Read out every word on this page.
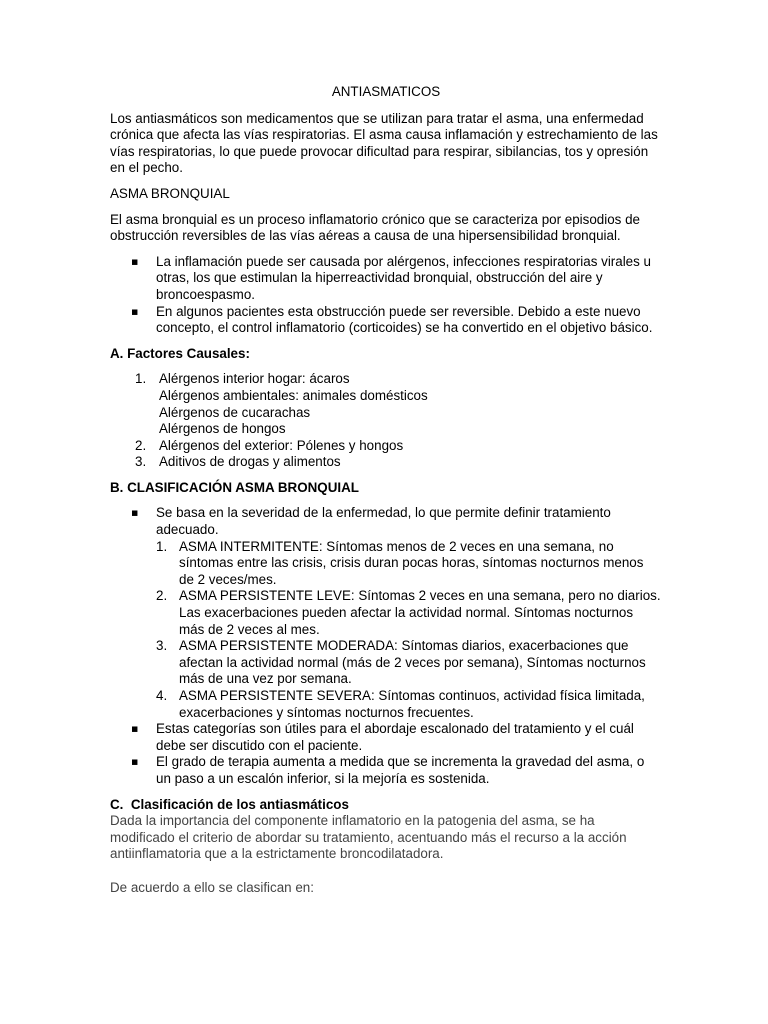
ANTIASMATICOS

Los antiasmáticos son medicamentos que se utilizan para tratar el asma, una enfermedad crónica que afecta las vías respiratorias. El asma causa inflamación y estrechamiento de las vías respiratorias, lo que puede provocar dificultad para respirar, sibilancias, tos y opresión en el pecho.

ASMA BRONQUIAL

El asma bronquial es un proceso inflamatorio crónico que se caracteriza por episodios de obstrucción reversibles de las vías aéreas a causa de una hipersensibilidad bronquial.

▪ La inflamación puede ser causada por alérgenos, infecciones respiratorias virales u otras, los que estimulan la hiperreactividad bronquial, obstrucción del aire y broncoespasmo.
▪ En algunos pacientes esta obstrucción puede ser reversible. Debido a este nuevo concepto, el control inflamatorio (corticoides) se ha convertido en el objetivo básico.
A. Factores Causales:
1. Alérgenos interior hogar: ácaros
Alérgenos ambientales: animales domésticos
Alérgenos de cucarachas
Alérgenos de hongos
2. Alérgenos del exterior: Pólenes y hongos
3. Aditivos de drogas y alimentos
B. CLASIFICACIÓN ASMA BRONQUIAL
▪ Se basa en la severidad de la enfermedad, lo que permite definir tratamiento adecuado.
1. ASMA INTERMITENTE: Síntomas menos de 2 veces en una semana, no síntomas entre las crisis, crisis duran pocas horas, síntomas nocturnos menos de 2 veces/mes.
2. ASMA PERSISTENTE LEVE: Síntomas 2 veces en una semana, pero no diarios. Las exacerbaciones pueden afectar la actividad normal. Síntomas nocturnos más de 2 veces al mes.
3. ASMA PERSISTENTE MODERADA: Síntomas diarios, exacerbaciones que afectan la actividad normal (más de 2 veces por semana), Síntomas nocturnos más de una vez por semana.
4. ASMA PERSISTENTE SEVERA: Síntomas continuos, actividad física limitada, exacerbaciones y síntomas nocturnos frecuentes.
▪ Estas categorías son útiles para el abordaje escalonado del tratamiento y el cuál debe ser discutido con el paciente.
▪ El grado de terapia aumenta a medida que se incrementa la gravedad del asma, o un paso a un escalón inferior, si la mejoría es sostenida.
C. Clasificación de los antiasmáticos

Dada la importancia del componente inflamatorio en la patogenia del asma, se ha modificado el criterio de abordar su tratamiento, acentuando más el recurso a la acción antiinflamatoria que a la estrictamente broncodilatadora.

De acuerdo a ello se clasifican en:
